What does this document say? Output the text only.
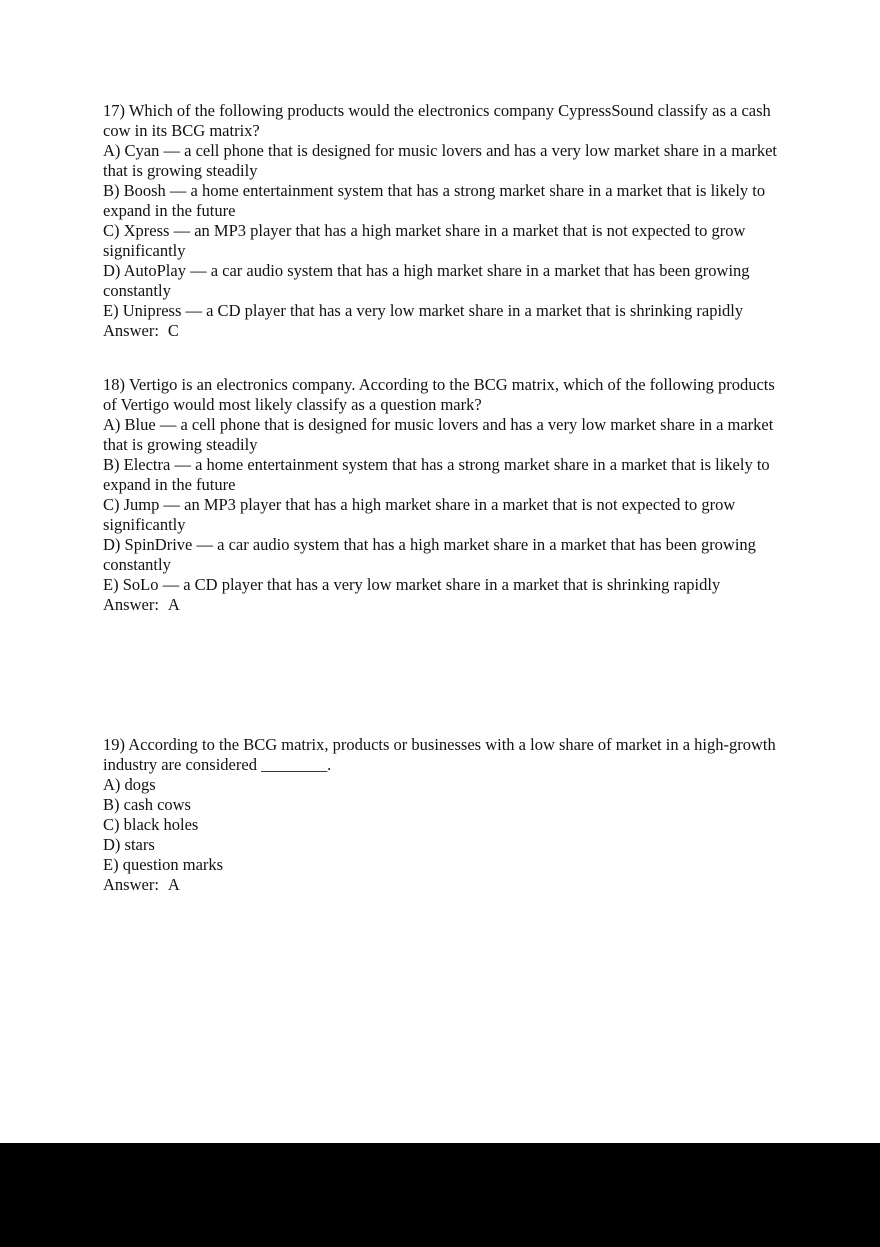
17) Which of the following products would the electronics company CypressSound classify as a cash cow in its BCG matrix?

A) Cyan — a cell phone that is designed for music lovers and has a very low market share in a market that is growing steadily

B) Boosh — a home entertainment system that has a strong market share in a market that is likely to expand in the future

C) Xpress — an MP3 player that has a high market share in a market that is not expected to grow significantly

D) AutoPlay — a car audio system that has a high market share in a market that has been growing constantly

E) Unipress — a CD player that has a very low market share in a market that is shrinking rapidly

Answer: C

18) Vertigo is an electronics company. According to the BCG matrix, which of the following products of Vertigo would most likely classify as a question mark?

A) Blue — a cell phone that is designed for music lovers and has a very low market share in a market that is growing steadily

B) Electra — a home entertainment system that has a strong market share in a market that is likely to expand in the future

C) Jump — an MP3 player that has a high market share in a market that is not expected to grow significantly

D) SpinDrive — a car audio system that has a high market share in a market that has been growing constantly

E) SoLo — a CD player that has a very low market share in a market that is shrinking rapidly

Answer: A

19) According to the BCG matrix, products or businesses with a low share of market in a high-growth industry are considered ________.

A) dogs

B) cash cows

C) black holes

D) stars

E) question marks

Answer: A
